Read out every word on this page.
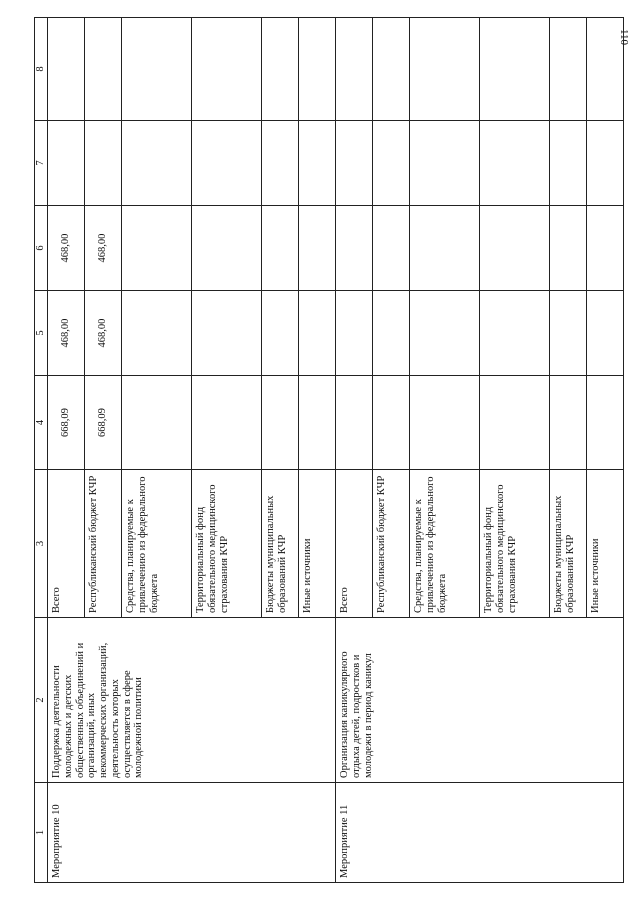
110
1	2	3	4	5	6	7	8
Мероприятие 10	Поддержка деятельности молодежных и детских общественных объединений и организаций, иных некоммерческих организаций, деятельность которых осуществляется в сфере молодежной политики	Всего	668,09	468,00	468,00		
		Республиканский бюджет КЧР	668,09	468,00	468,00		
		Средства, планируемые к привлечению из федерального бюджета					
		Территориальный фонд обязательного медицинского страхования КЧР					
		Бюджеты муниципальных образований КЧР					
		Иные источники					
Мероприятие 11	Организация каникулярного отдыха детей, подростков и молодежи в период каникул	Всего					
		Республиканский бюджет КЧР					
		Средства, планируемые к привлечению из федерального бюджета					
		Территориальный фонд обязательного медицинского страхования КЧР					
		Бюджеты муниципальных образований КЧР					
		Иные источники					
